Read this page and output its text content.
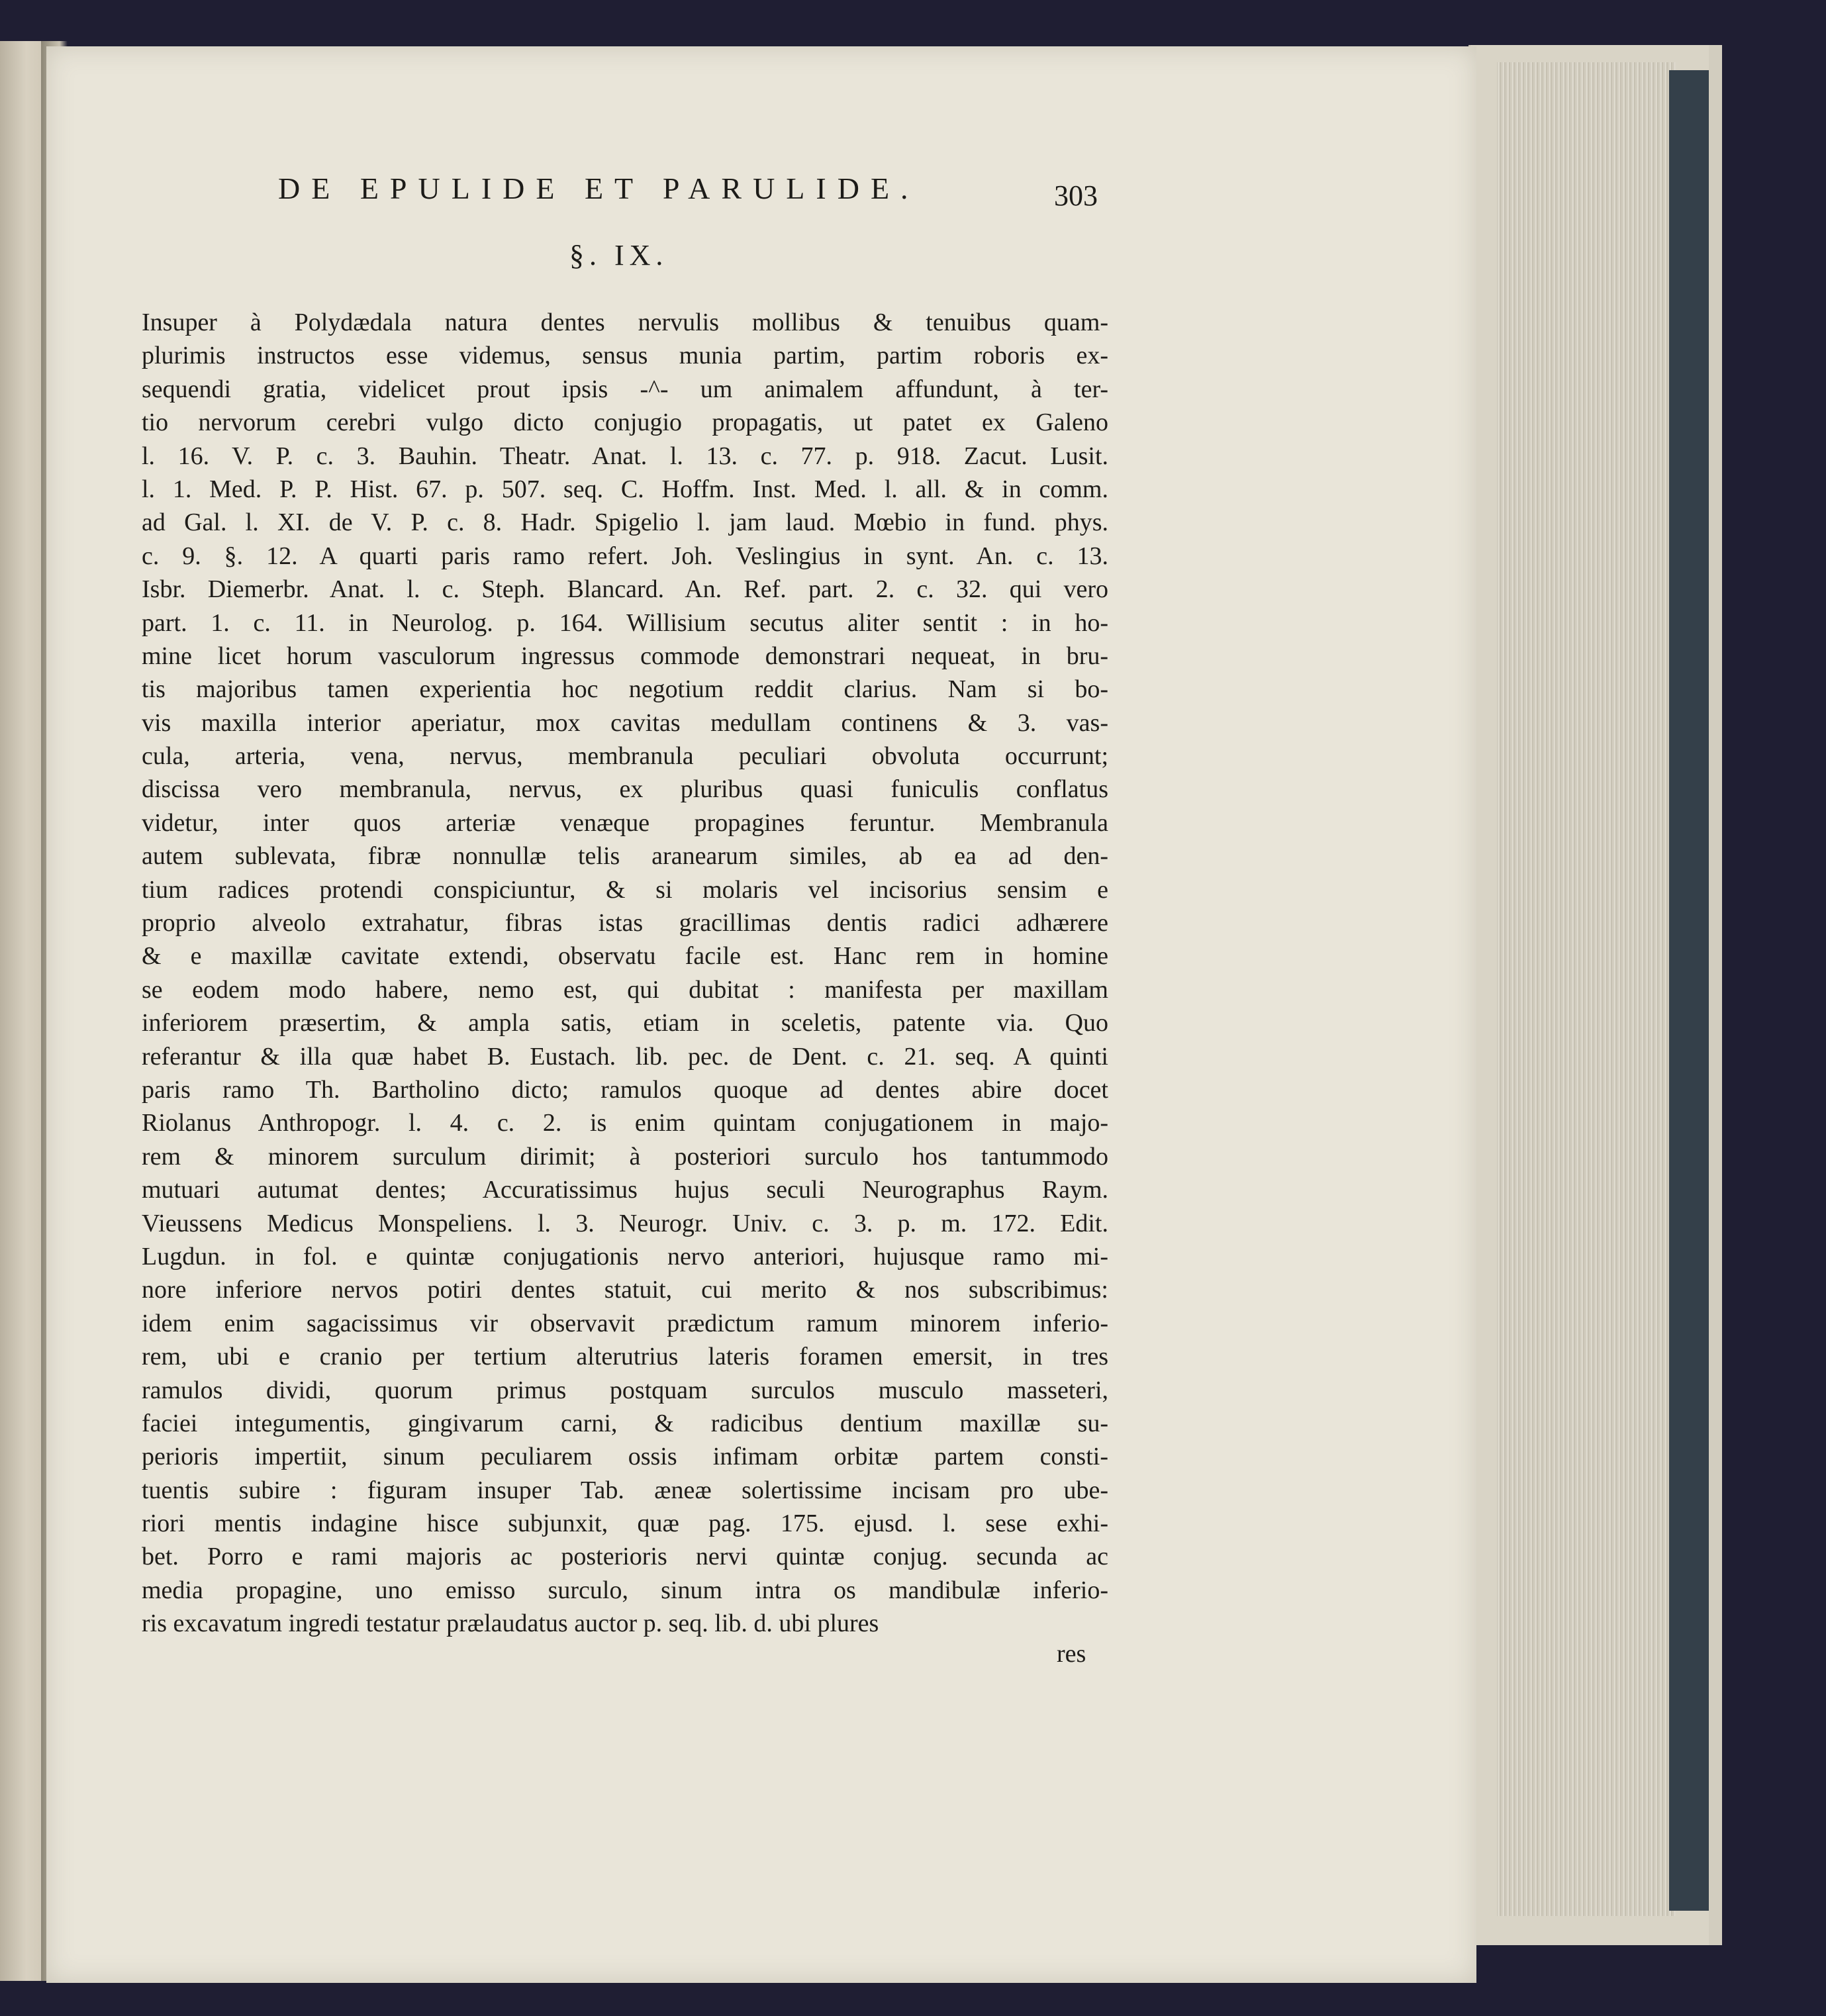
DE EPULIDE ET PARULIDE.	303
§. IX.
Insuper à Polydædala natura dentes nervulis mollibus & tenuibus quam-
plurimis instructos esse videmus, sensus munia partim, partim roboris ex-
sequendi gratia, videlicet prout ipsis -^- um animalem affundunt, à ter-
tio nervorum cerebri vulgo dicto conjugio propagatis, ut patet ex Galeno
l. 16. V. P. c. 3. Bauhin. Theatr. Anat. l. 13. c. 77. p. 918. Zacut. Lusit.
l. 1. Med. P. P. Hist. 67. p. 507. seq. C. Hoffm. Inst. Med. l. all. & in comm.
ad Gal. l. XI. de V. P. c. 8. Hadr. Spigelio l. jam laud. Mœbio in fund. phys.
c. 9. §. 12. A quarti paris ramo refert. Joh. Veslingius in synt. An. c. 13.
Isbr. Diemerbr. Anat. l. c. Steph. Blancard. An. Ref. part. 2. c. 32. qui vero
part. 1. c. 11. in Neurolog. p. 164. Willisium secutus aliter sentit : in ho-
mine licet horum vasculorum ingressus commode demonstrari nequeat, in bru-
tis majoribus tamen experientia hoc negotium reddit clarius. Nam si bo-
vis maxilla interior aperiatur, mox cavitas medullam continens & 3. vas-
cula, arteria, vena, nervus, membranula peculiari obvoluta occurrunt;
discissa vero membranula, nervus, ex pluribus quasi funiculis conflatus
videtur, inter quos arteriæ venæque propagines feruntur. Membranula
autem sublevata, fibræ nonnullæ telis aranearum similes, ab ea ad den-
tium radices protendi conspiciuntur, & si molaris vel incisorius sensim e
proprio alveolo extrahatur, fibras istas gracillimas dentis radici adhærere
& e maxillæ cavitate extendi, observatu facile est. Hanc rem in homine
se eodem modo habere, nemo est, qui dubitat : manifesta per maxillam
inferiorem præsertim, & ampla satis, etiam in sceletis, patente via. Quo
referantur & illa quæ habet B. Eustach. lib. pec. de Dent. c. 21. seq. A quinti
paris ramo Th. Bartholino dicto; ramulos quoque ad dentes abire docet
Riolanus Anthropogr. l. 4. c. 2. is enim quintam conjugationem in majo-
rem & minorem surculum dirimit; à posteriori surculo hos tantummodo
mutuari autumat dentes; Accuratissimus hujus seculi Neurographus Raym.
Vieussens Medicus Monspeliens. l. 3. Neurogr. Univ. c. 3. p. m. 172. Edit.
Lugdun. in fol. e quintæ conjugationis nervo anteriori, hujusque ramo mi-
nore inferiore nervos potiri dentes statuit, cui merito & nos subscribimus:
idem enim sagacissimus vir observavit prædictum ramum minorem inferio-
rem, ubi e cranio per tertium alterutrius lateris foramen emersit, in tres
ramulos dividi, quorum primus postquam surculos musculo masseteri,
faciei integumentis, gingivarum carni, & radicibus dentium maxillæ su-
perioris impertiit, sinum peculiarem ossis infimam orbitæ partem consti-
tuentis subire : figuram insuper Tab. æneæ solertissime incisam pro ube-
riori mentis indagine hisce subjunxit, quæ pag. 175. ejusd. l. sese exhi-
bet. Porro e rami majoris ac posterioris nervi quintæ conjug. secunda ac
media propagine, uno emisso surculo, sinum intra os mandibulæ inferio-
ris excavatum ingredi testatur prælaudatus auctor p. seq. lib. d. ubi plures
res
